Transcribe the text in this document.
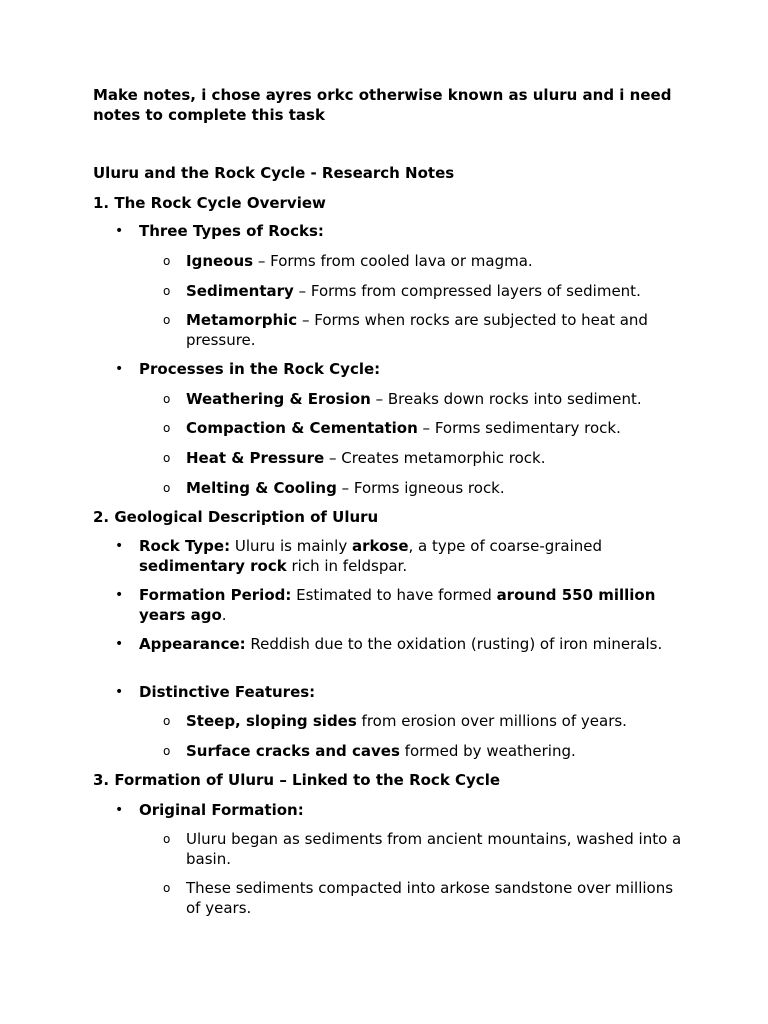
Make notes, i chose ayres orkc otherwise known as uluru and i need notes to complete this task

Uluru and the Rock Cycle - Research Notes

1. The Rock Cycle Overview

• Three Types of Rocks:
o Igneous – Forms from cooled lava or magma.
o Sedimentary – Forms from compressed layers of sediment.
o Metamorphic – Forms when rocks are subjected to heat and pressure.
• Processes in the Rock Cycle:
o Weathering & Erosion – Breaks down rocks into sediment.
o Compaction & Cementation – Forms sedimentary rock.
o Heat & Pressure – Creates metamorphic rock.
o Melting & Cooling – Forms igneous rock.

2. Geological Description of Uluru

• Rock Type: Uluru is mainly arkose, a type of coarse-grained sedimentary rock rich in feldspar.
• Formation Period: Estimated to have formed around 550 million years ago.
• Appearance: Reddish due to the oxidation (rusting) of iron minerals.
• Distinctive Features:
o Steep, sloping sides from erosion over millions of years.
o Surface cracks and caves formed by weathering.

3. Formation of Uluru – Linked to the Rock Cycle

• Original Formation:
o Uluru began as sediments from ancient mountains, washed into a basin.
o These sediments compacted into arkose sandstone over millions of years.
